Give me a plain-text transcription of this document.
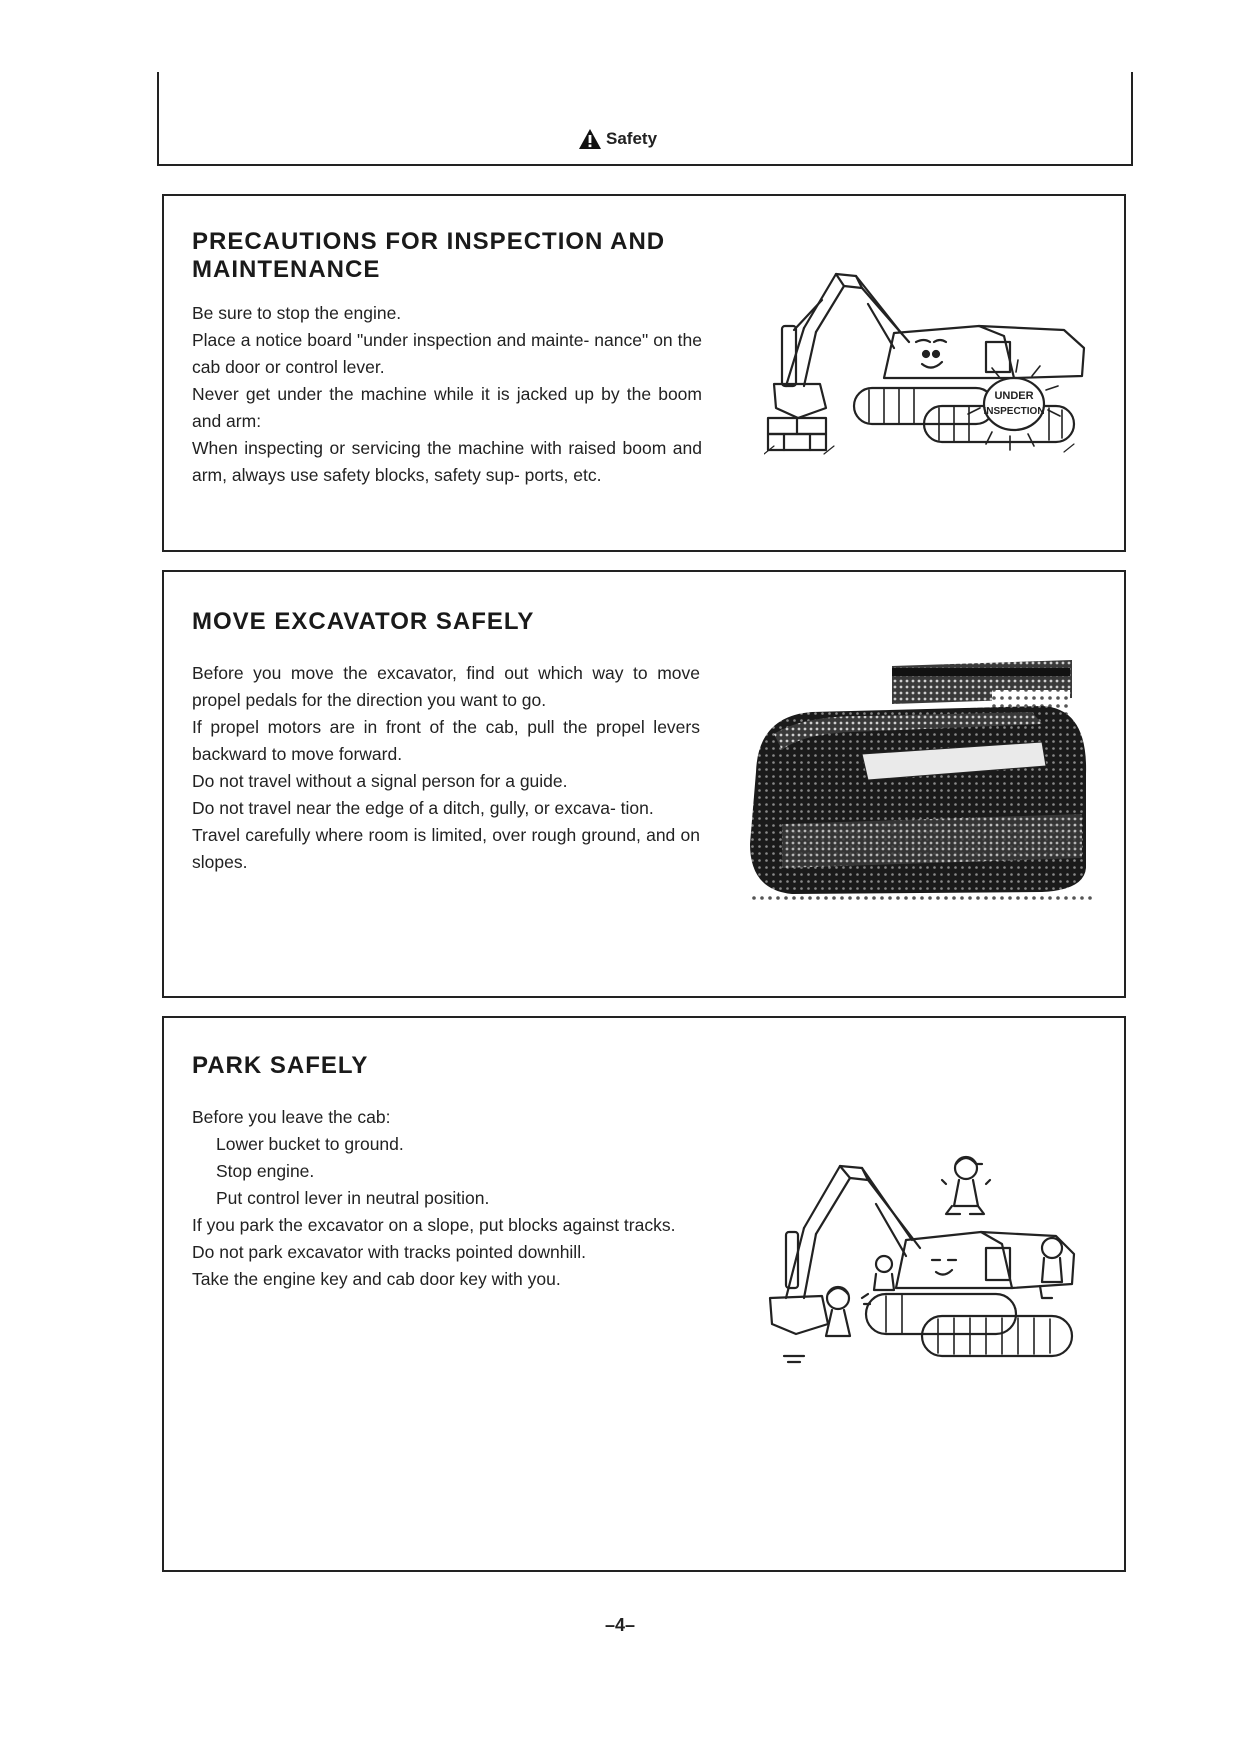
Safety
PRECAUTIONS FOR INSPECTION AND
MAINTENANCE

Be sure to stop the engine.

Place a notice board "under inspection and mainte- nance" on the cab door or control lever.

Never get under the machine while it is jacked up by the boom and arm:

When inspecting or servicing the machine with raised boom and arm, always use safety blocks, safety sup- ports, etc.

UNDER
INSPECTION
MOVE EXCAVATOR SAFELY

Before you move the excavator, find out which way to move propel pedals for the direction you want to go.

If propel motors are in front of the cab, pull the propel levers backward to move forward.

Do not travel without a signal person for a guide.

Do not travel near the edge of a ditch, gully, or excava- tion.

Travel carefully where room is limited, over rough ground, and on slopes.

PARK SAFELY

Before you leave the cab:

Lower bucket to ground.

Stop engine.

Put control lever in neutral position.

If you park the excavator on a slope, put blocks against tracks.

Do not park excavator with tracks pointed downhill.

Take the engine key and cab door key with you.

–4–
